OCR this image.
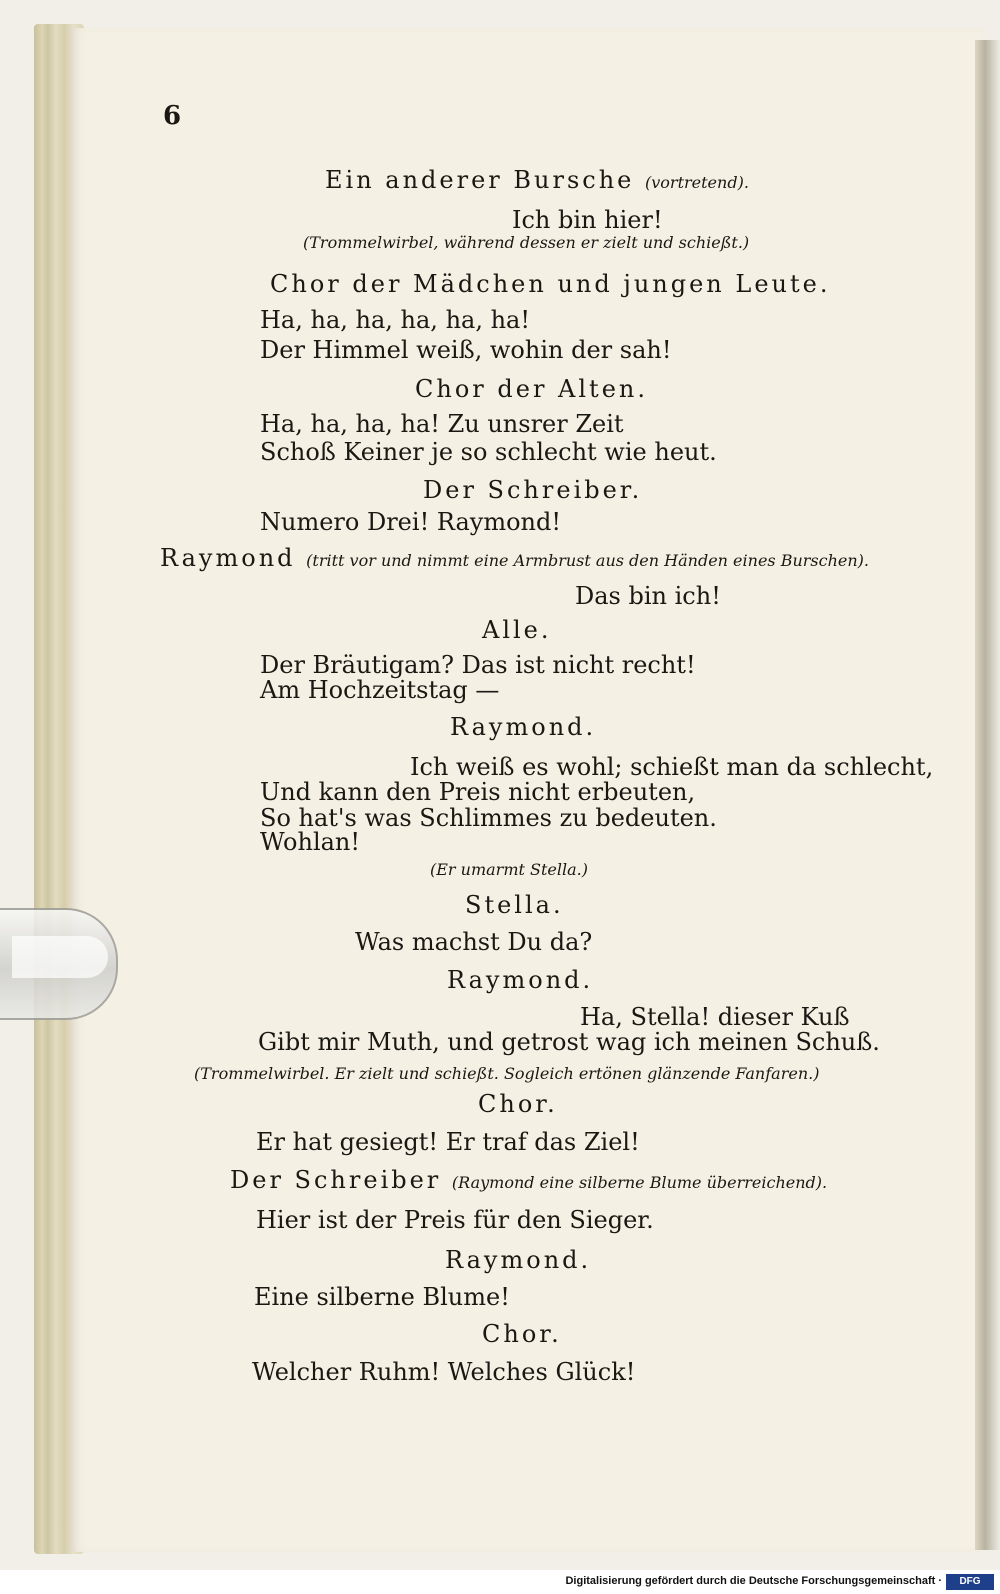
6
Ein anderer Bursche (vortretend).
Ich bin hier!
(Trommelwirbel, während dessen er zielt und schießt.)
Chor der Mädchen und jungen Leute.
Ha, ha, ha, ha, ha, ha!
Der Himmel weiß, wohin der sah!
Chor der Alten.
Ha, ha, ha, ha! Zu unsrer Zeit
Schoß Keiner je so schlecht wie heut.
Der Schreiber.
Numero Drei! Raymond!
Raymond (tritt vor und nimmt eine Armbrust aus den Händen eines Burschen).
Das bin ich!
Alle.
Der Bräutigam? Das ist nicht recht!
Am Hochzeitstag —
Raymond.
Ich weiß es wohl; schießt man da schlecht,
Und kann den Preis nicht erbeuten,
So hat's was Schlimmes zu bedeuten.
Wohlan!
(Er umarmt Stella.)
Stella.
Was machst Du da?
Raymond.
Ha, Stella! dieser Kuß
Gibt mir Muth, und getrost wag ich meinen Schuß.
(Trommelwirbel. Er zielt und schießt. Sogleich ertönen glänzende Fanfaren.)
Chor.
Er hat gesiegt! Er traf das Ziel!
Der Schreiber (Raymond eine silberne Blume überreichend).
Hier ist der Preis für den Sieger.
Raymond.
Eine silberne Blume!
Chor.
Welcher Ruhm! Welches Glück!
Digitalisierung gefördert durch die Deutsche Forschungsgemeinschaft ·	DFG
